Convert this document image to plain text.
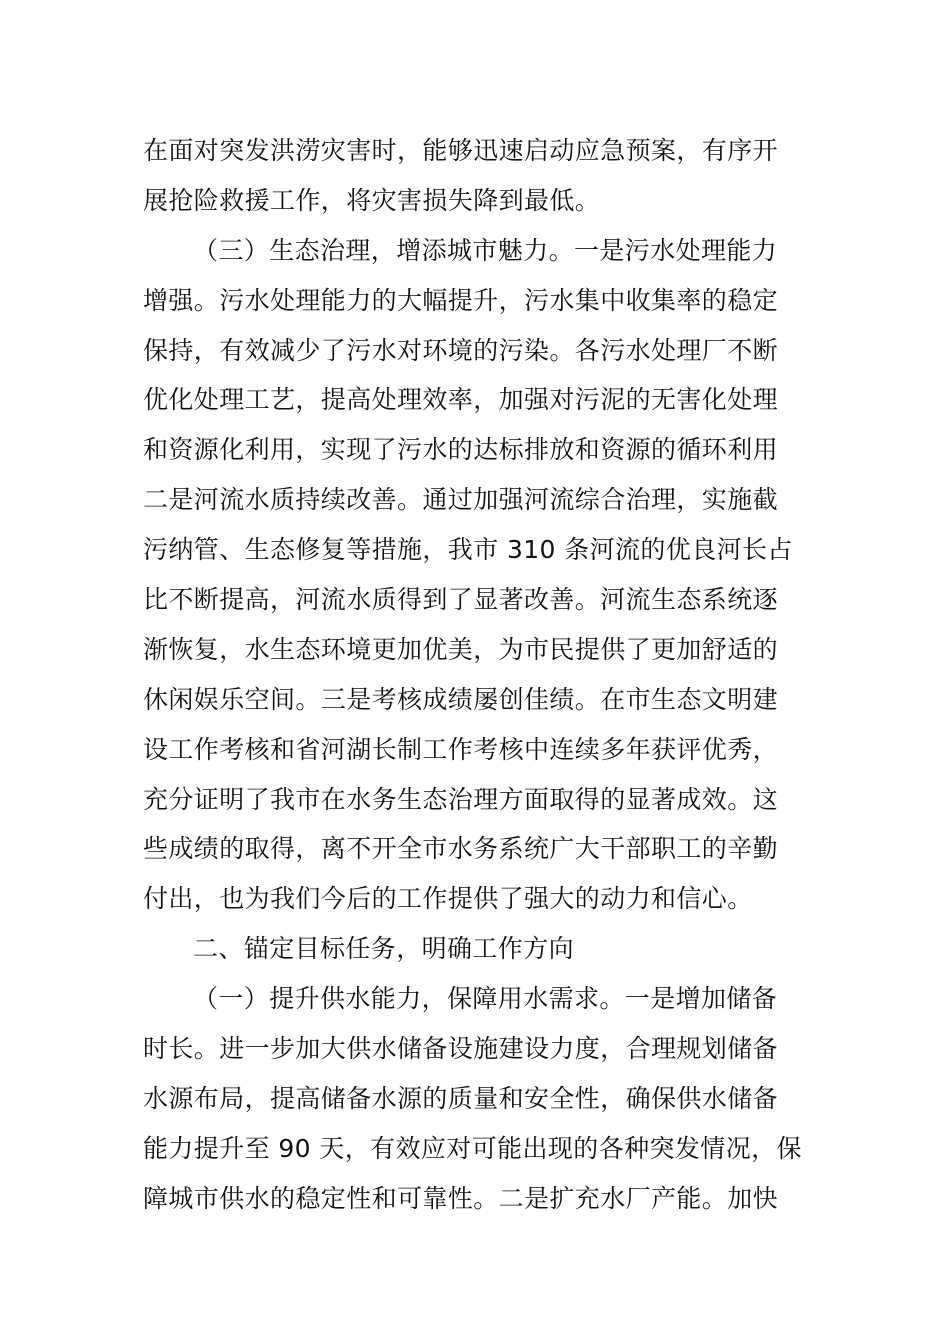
在面对突发洪涝灾害时，能够迅速启动应急预案，有序开
展抢险救援工作，将灾害损失降到最低。
（三）生态治理，增添城市魅力。一是污水处理能力
增强。污水处理能力的大幅提升，污水集中收集率的稳定
保持，有效减少了污水对环境的污染。各污水处理厂不断
优化处理工艺，提高处理效率，加强对污泥的无害化处理
和资源化利用，实现了污水的达标排放和资源的循环利用
二是河流水质持续改善。通过加强河流综合治理，实施截
污纳管、生态修复等措施，我市 310 条河流的优良河长占
比不断提高，河流水质得到了显著改善。河流生态系统逐
渐恢复，水生态环境更加优美，为市民提供了更加舒适的
休闲娱乐空间。三是考核成绩屡创佳绩。在市生态文明建
设工作考核和省河湖长制工作考核中连续多年获评优秀，
充分证明了我市在水务生态治理方面取得的显著成效。这
些成绩的取得，离不开全市水务系统广大干部职工的辛勤
付出，也为我们今后的工作提供了强大的动力和信心。
二、锚定目标任务，明确工作方向
（一）提升供水能力，保障用水需求。一是增加储备
时长。进一步加大供水储备设施建设力度，合理规划储备
水源布局，提高储备水源的质量和安全性，确保供水储备
能力提升至 90 天，有效应对可能出现的各种突发情况，保
障城市供水的稳定性和可靠性。二是扩充水厂产能。加快
